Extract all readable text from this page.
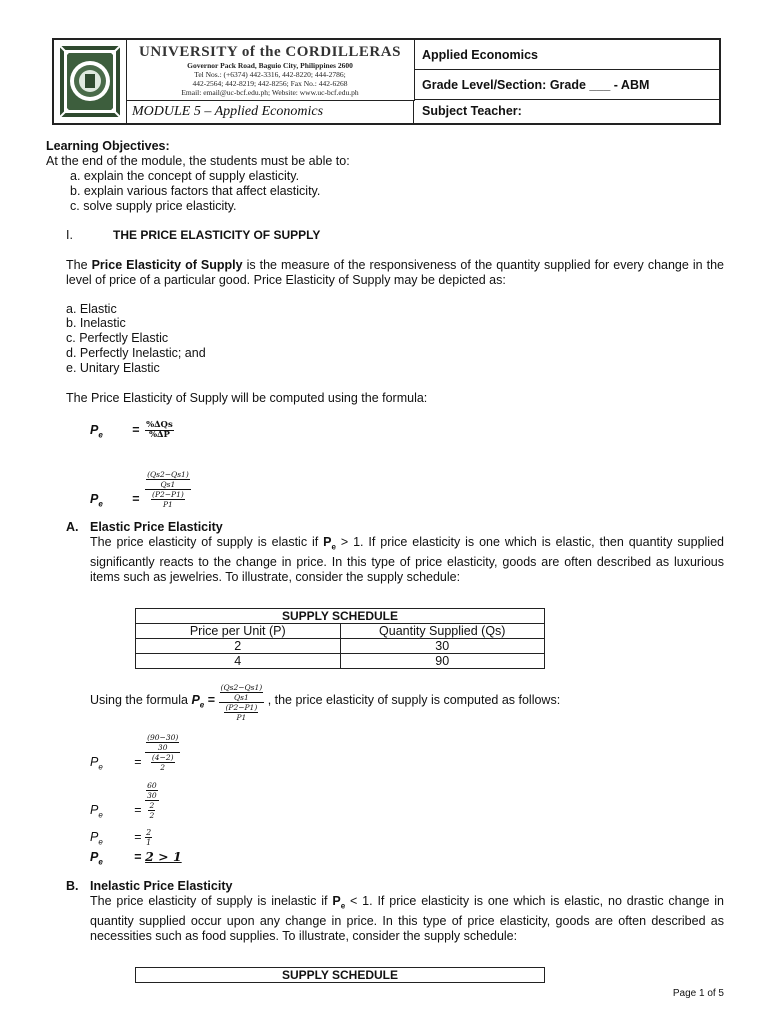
UNIVERSITY of the CORDILLERAS
Governor Pack Road, Baguio City, Philippines 2600
Tel Nos.: (+6374) 442-3316, 442-8220; 444-2786;
442-2564; 442-8219; 442-8256; Fax No.: 442-6268
Email: email@uc-bcf.edu.ph; Website: www.uc-bcf.edu.ph
MODULE 5 – Applied Economics
Applied Economics
Grade Level/Section: Grade ___ - ABM
Subject Teacher:
Learning Objectives:
At the end of the module, the students must be able to:
a. explain the concept of supply elasticity.
b. explain various factors that affect elasticity.
c. solve supply price elasticity.
I.	THE PRICE ELASTICITY OF SUPPLY
The Price Elasticity of Supply is the measure of the responsiveness of the quantity supplied for every change in the level of price of a particular good. Price Elasticity of Supply may be depicted as:
a. Elastic
b. Inelastic
c. Perfectly Elastic
d. Perfectly Inelastic; and
e. Unitary Elastic
The Price Elasticity of Supply will be computed using the formula:
$P_e = \frac{\%\Delta Qs}{\%\Delta P}$
$P_e = \frac{\frac{(Qs2-Qs1)}{Qs1}}{\frac{(P2-P1)}{P1}}$
A. Elastic Price Elasticity
The price elasticity of supply is elastic if $P_e > 1$. If price elasticity is one which is elastic, then quantity supplied significantly reacts to the change in price. In this type of price elasticity, goods are often described as luxurious items such as jewelries. To illustrate, consider the supply schedule:
SUPPLY SCHEDULE	
Price per Unit (P)	Quantity Supplied (Qs)
2	30
4	90
Using the formula $P_e = \frac{\frac{(Qs2-Qs1)}{Qs1}}{\frac{(P2-P1)}{P1}}$ , the price elasticity of supply is computed as follows:
$P_e$	= $\frac{\frac{(90-30)}{30}}{\frac{(4-2)}{2}}$
$P_e$	= $\frac{\frac{60}{30}}{\frac{2}{2}}$
$P_e$	= $\frac{2}{1}$
$P_e$	= 2 > 1
B. Inelastic Price Elasticity
The price elasticity of supply is inelastic if $P_e < 1$. If price elasticity is one which is elastic, no drastic change in quantity supplied occur upon any change in price. In this type of price elasticity, goods are often described as necessities such as food supplies. To illustrate, consider the supply schedule:
SUPPLY SCHEDULE
Page 1 of 5
